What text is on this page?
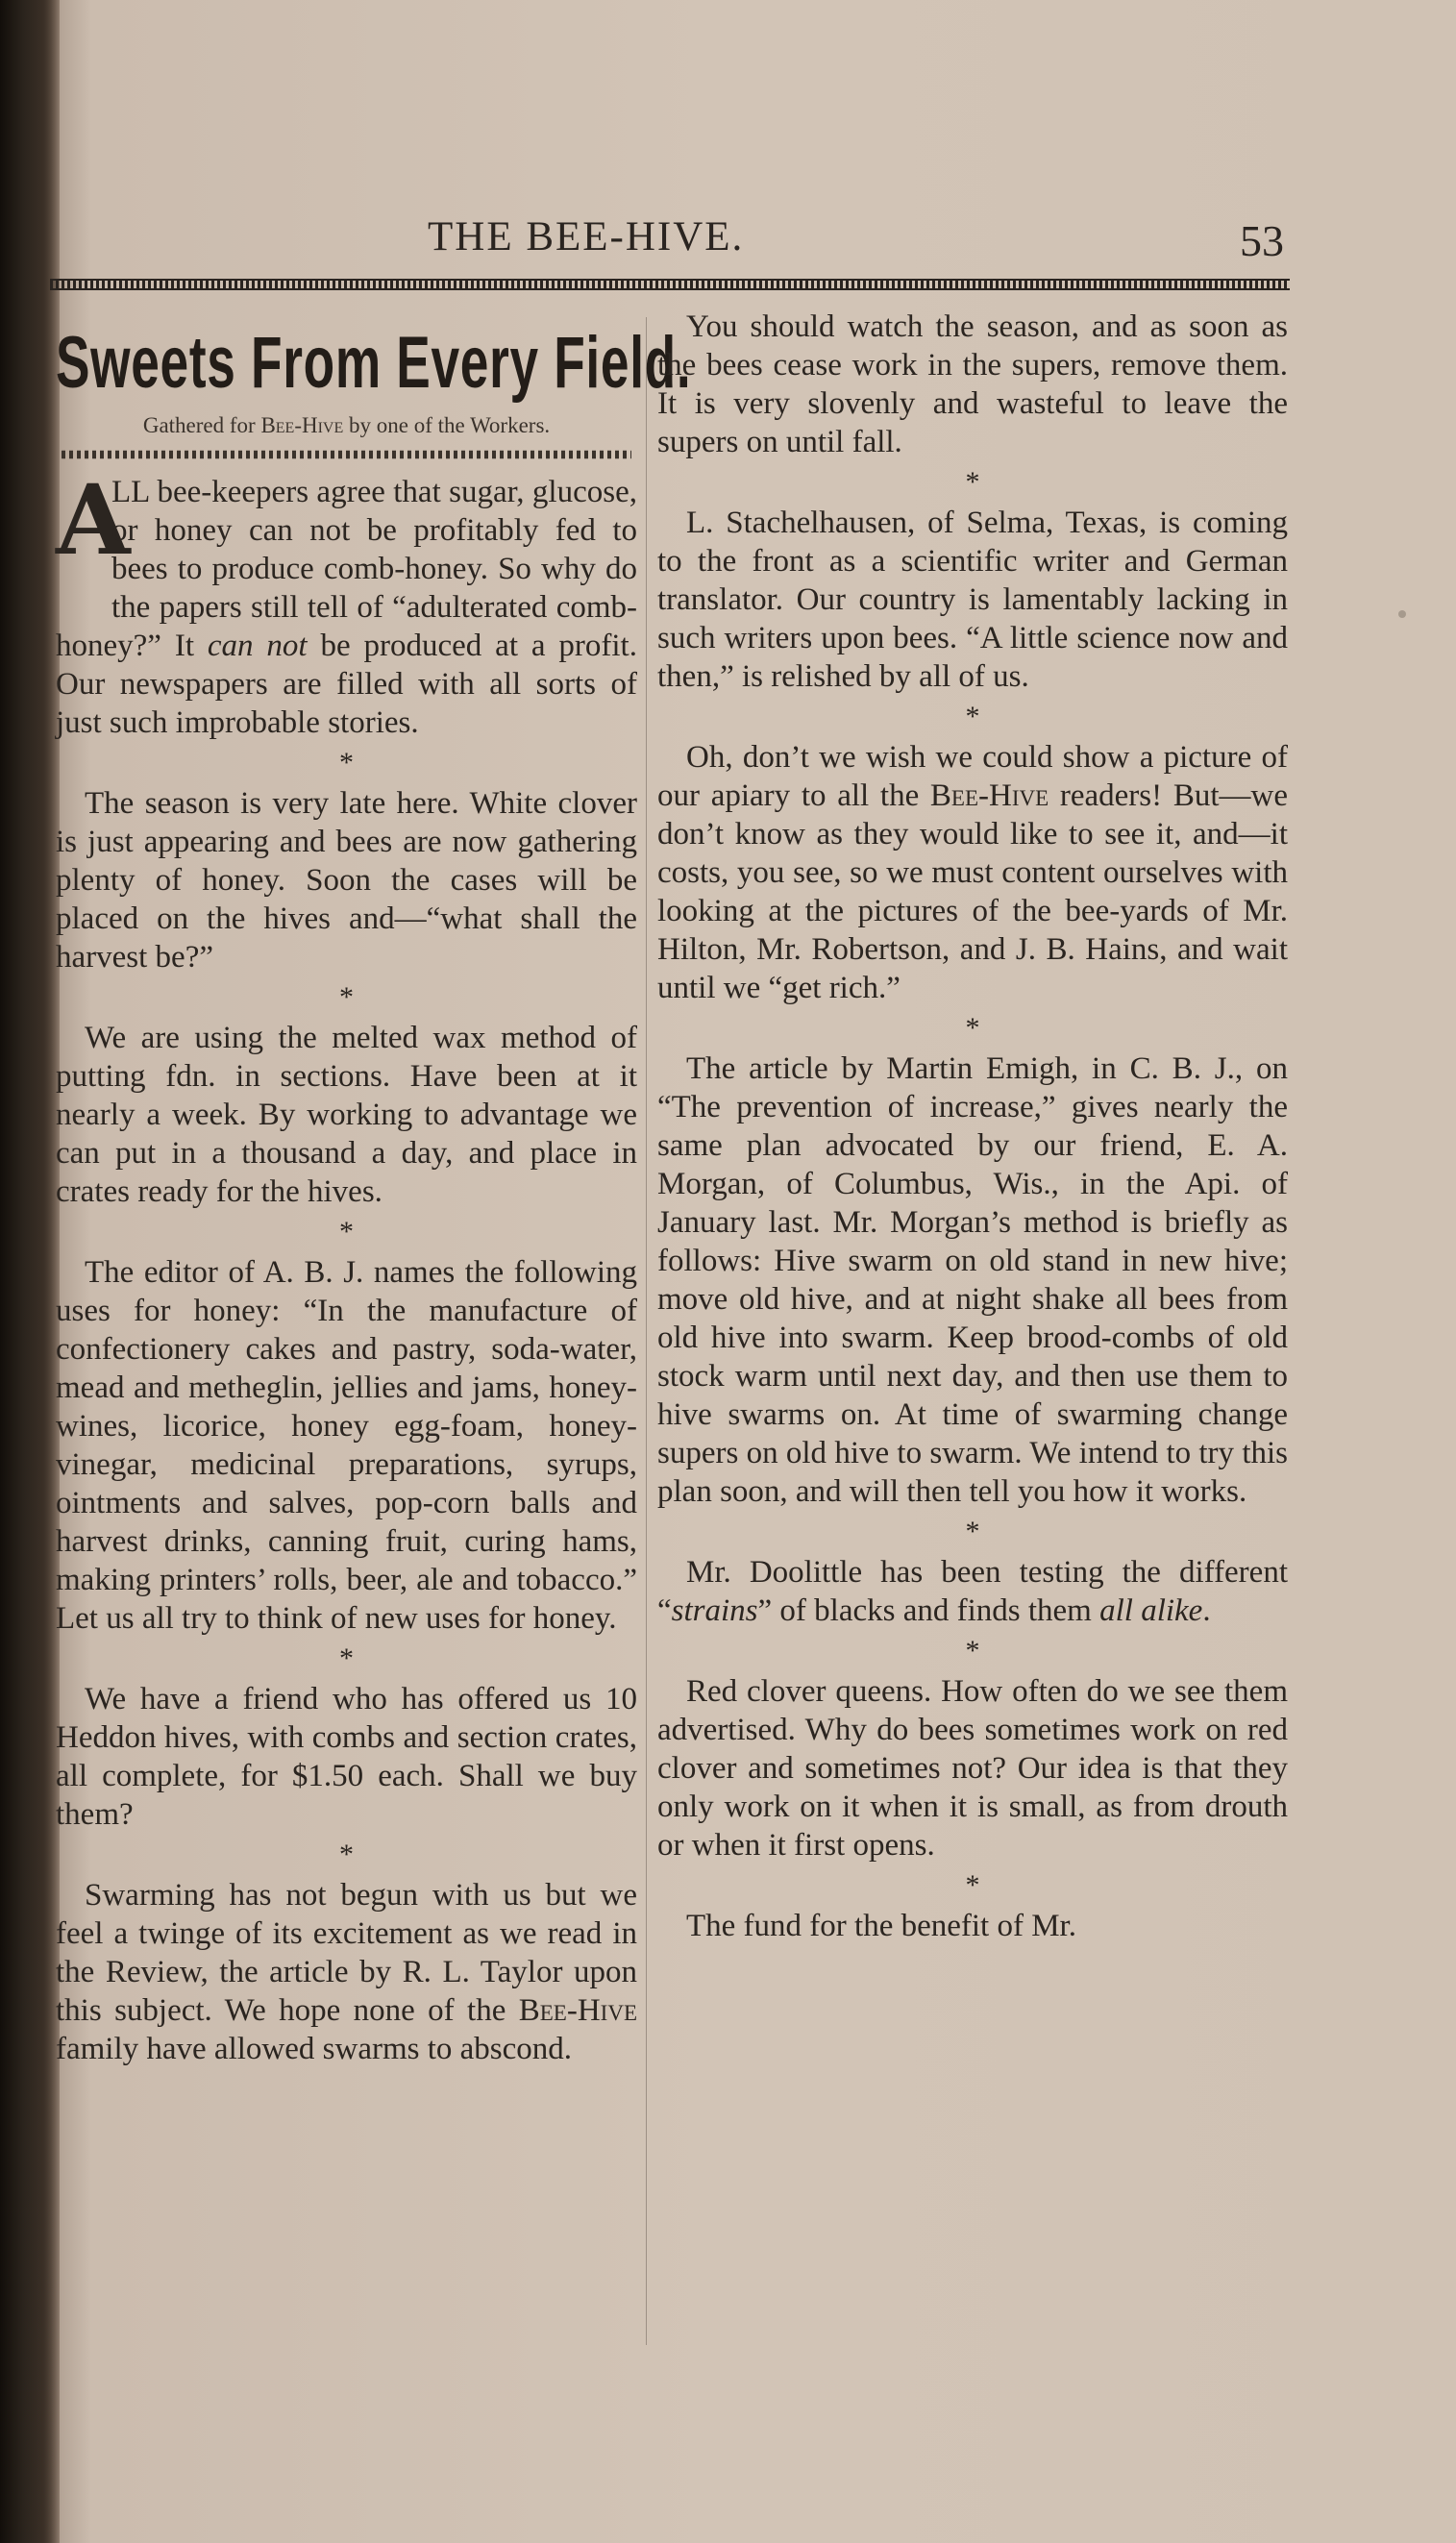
THE BEE-HIVE.	53
Sweets From Every Field.
Gathered for Bee-Hive by one of the Workers.

A
LL bee-keepers agree that sugar, glucose, or honey can not be profitably fed to bees to produce comb-honey. So why do the papers still tell of “adulterated comb-honey?” It can not be produced at a profit. Our newspapers are filled with all sorts of just such improbable stories.

*

The season is very late here. White clover is just appearing and bees are now gathering plenty of honey. Soon the cases will be placed on the hives and—“what shall the harvest be?”

*

We are using the melted wax method of putting fdn. in sections. Have been at it nearly a week. By working to advantage we can put in a thousand a day, and place in crates ready for the hives.

*

The editor of A. B. J. names the following uses for honey: “In the manufacture of confectionery cakes and pastry, soda-water, mead and metheglin, jellies and jams, honey-wines, licorice, honey egg-foam, honey-vinegar, medicinal preparations, syrups, ointments and salves, pop-corn balls and harvest drinks, canning fruit, curing hams, making printers’ rolls, beer, ale and tobacco.” Let us all try to think of new uses for honey.

*

We have a friend who has offered us 10 Heddon hives, with combs and section crates, all complete, for $1.50 each. Shall we buy them?

*

Swarming has not begun with us but we feel a twinge of its excitement as we read in the Review, the article by R. L. Taylor upon this subject. We hope none of the Bee-Hive family have allowed swarms to abscond.

You should watch the season, and as soon as the bees cease work in the supers, remove them. It is very slovenly and wasteful to leave the supers on until fall.

*

L. Stachelhausen, of Selma, Texas, is coming to the front as a scientific writer and German translator. Our country is lamentably lacking in such writers upon bees. “A little science now and then,” is relished by all of us.

*

Oh, don’t we wish we could show a picture of our apiary to all the Bee-Hive readers! But—we don’t know as they would like to see it, and—it costs, you see, so we must content ourselves with looking at the pictures of the bee-yards of Mr. Hilton, Mr. Robertson, and J. B. Hains, and wait until we “get rich.”

*

The article by Martin Emigh, in C. B. J., on “The prevention of increase,” gives nearly the same plan advocated by our friend, E. A. Morgan, of Columbus, Wis., in the Api. of January last. Mr. Morgan’s method is briefly as follows: Hive swarm on old stand in new hive; move old hive, and at night shake all bees from old hive into swarm. Keep brood-combs of old stock warm until next day, and then use them to hive swarms on. At time of swarming change supers on old hive to swarm. We intend to try this plan soon, and will then tell you how it works.

*

Mr. Doolittle has been testing the different “strains” of blacks and finds them all alike.

*

Red clover queens. How often do we see them advertised. Why do bees sometimes work on red clover and sometimes not? Our idea is that they only work on it when it is small, as from drouth or when it first opens.

*

The fund for the benefit of Mr.
